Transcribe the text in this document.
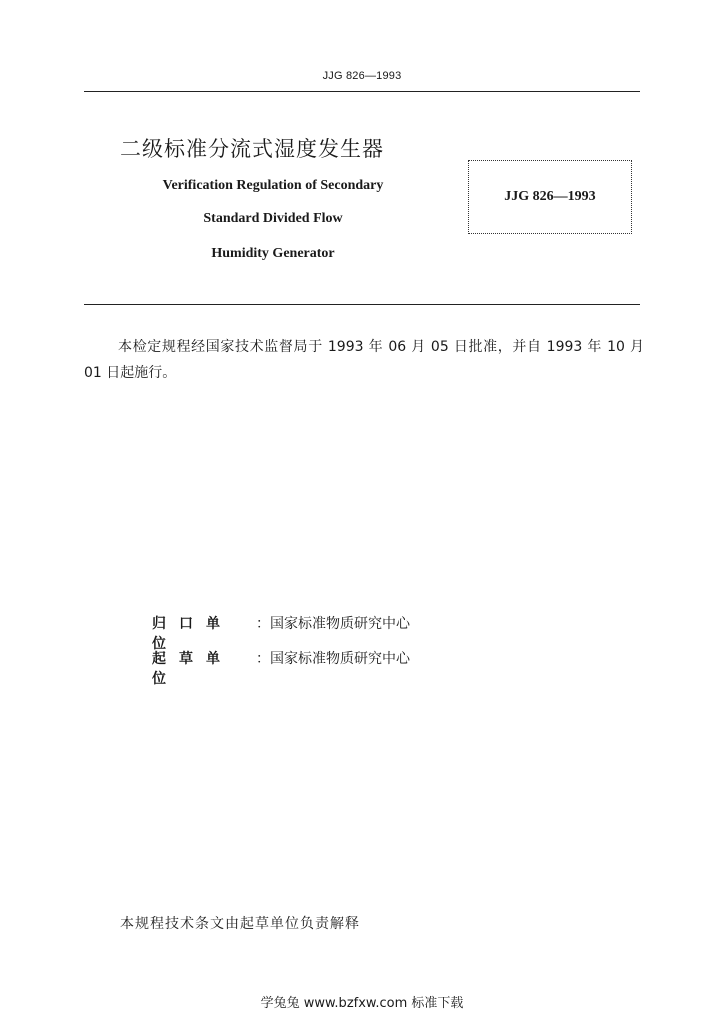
JJG 826—1993
二级标准分流式湿度发生器
Verification Regulation of Secondary
Standard Divided Flow
Humidity Generator
JJG 826—1993

本检定规程经国家技术监督局于 1993 年 06 月 05 日批准，并自 1993 年 10 月 01 日起施行。

归口单位
： 国家标准物质研究中心
起草单位
： 国家标准物质研究中心
本规程技术条文由起草单位负责解释
学兔兔 www.bzfxw.com 标准下载
